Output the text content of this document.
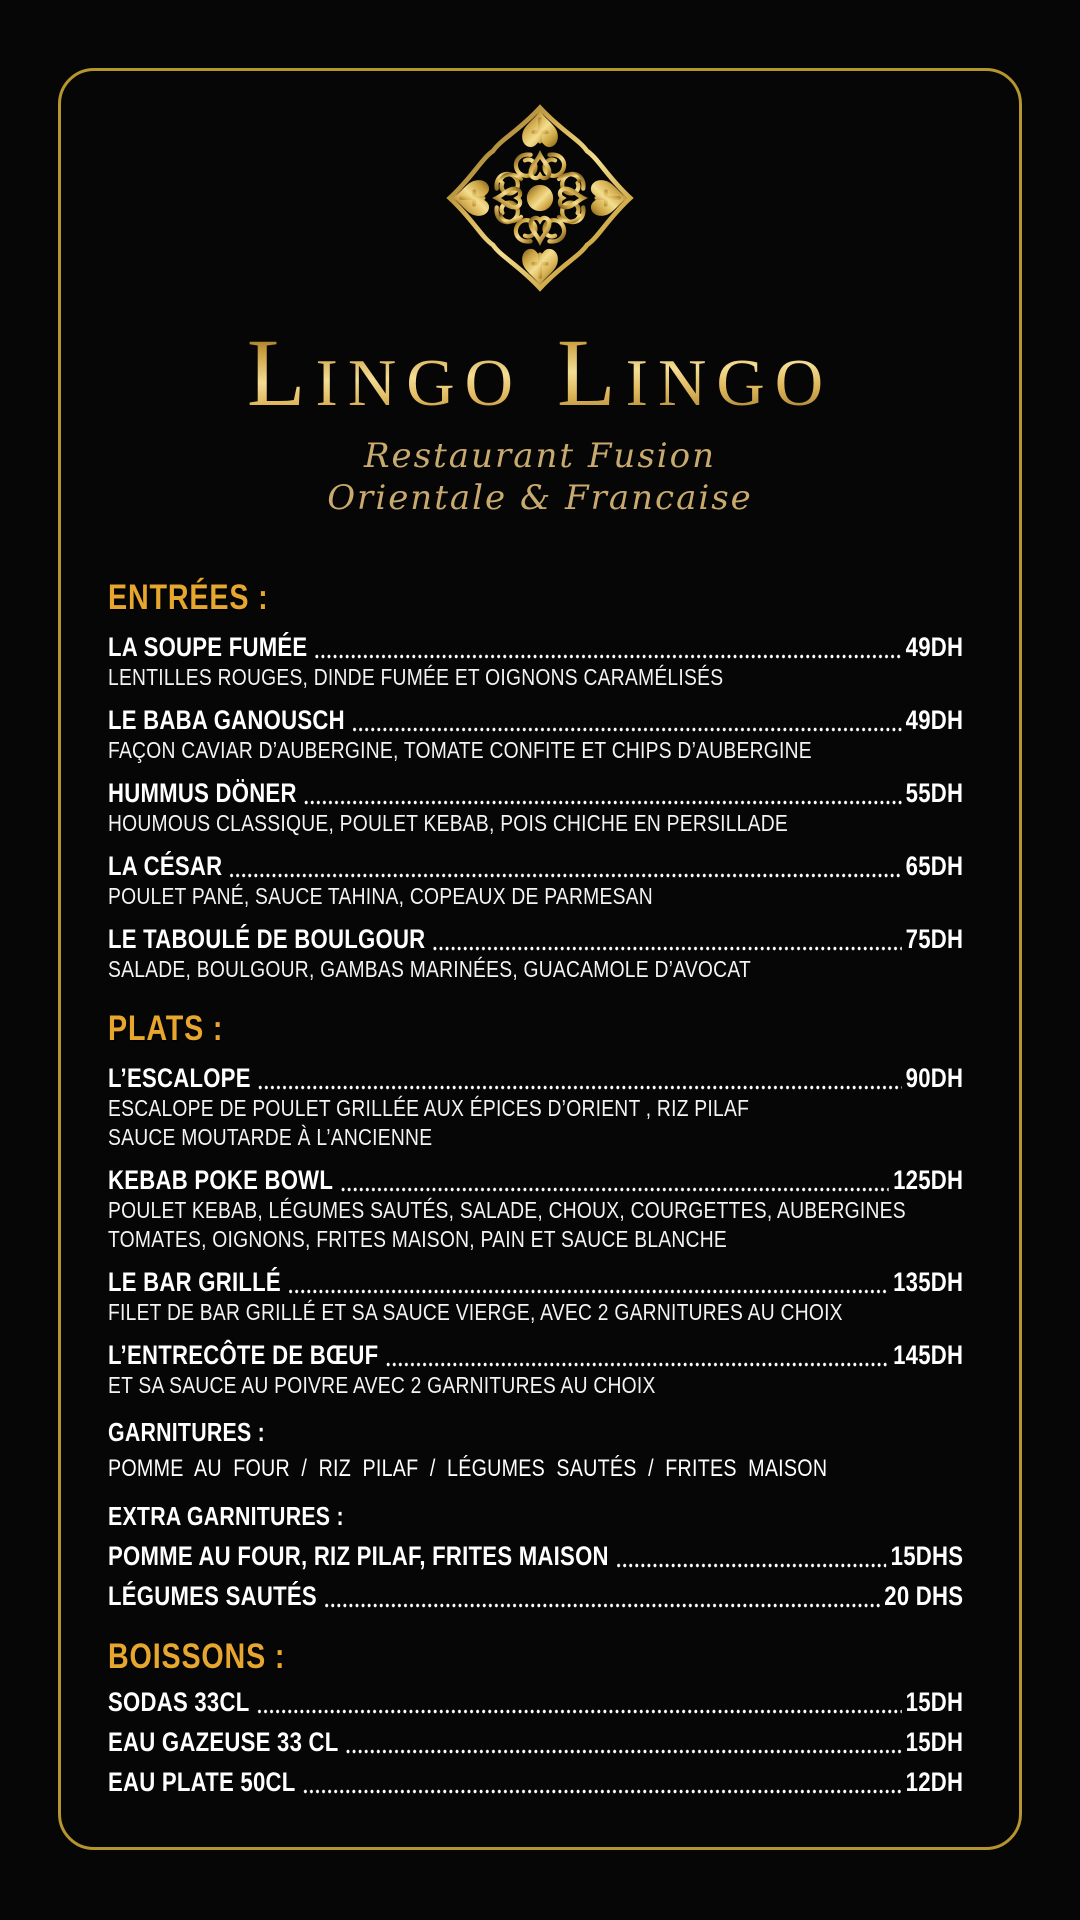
Lingo Lingo
Restaurant Fusion
Orientale & Francaise
ENTRÉES :
LA SOUPE FUMÉE	49DH
LENTILLES ROUGES, DINDE FUMÉE ET OIGNONS CARAMÉLISÉS
LE BABA GANOUSCH	49DH
FAÇON CAVIAR D’AUBERGINE, TOMATE CONFITE ET CHIPS D’AUBERGINE
HUMMUS DÖNER	55DH
HOUMOUS CLASSIQUE, POULET KEBAB, POIS CHICHE EN PERSILLADE
LA CÉSAR	65DH
POULET PANÉ, SAUCE TAHINA, COPEAUX DE PARMESAN
LE TABOULÉ DE BOULGOUR	75DH
SALADE, BOULGOUR, GAMBAS MARINÉES, GUACAMOLE D’AVOCAT
PLATS :
L’ESCALOPE	90DH
ESCALOPE DE POULET GRILLÉE AUX ÉPICES D’ORIENT , RIZ PILAF
SAUCE MOUTARDE À L’ANCIENNE
KEBAB POKE BOWL	125DH
POULET KEBAB, LÉGUMES SAUTÉS, SALADE, CHOUX, COURGETTES, AUBERGINES
TOMATES, OIGNONS, FRITES MAISON, PAIN ET SAUCE BLANCHE
LE BAR GRILLÉ	135DH
FILET DE BAR GRILLÉ ET SA SAUCE VIERGE, AVEC 2 GARNITURES AU CHOIX
L’ENTRECÔTE DE BŒUF	145DH
ET SA SAUCE AU POIVRE AVEC 2 GARNITURES AU CHOIX
GARNITURES :
POMME AU FOUR / RIZ PILAF / LÉGUMES SAUTÉS / FRITES MAISON
EXTRA GARNITURES :
POMME AU FOUR, RIZ PILAF, FRITES MAISON	15DHS
LÉGUMES SAUTÉS	20 DHS
BOISSONS :
SODAS 33CL	15DH
EAU GAZEUSE 33 CL	15DH
EAU PLATE 50CL	12DH
